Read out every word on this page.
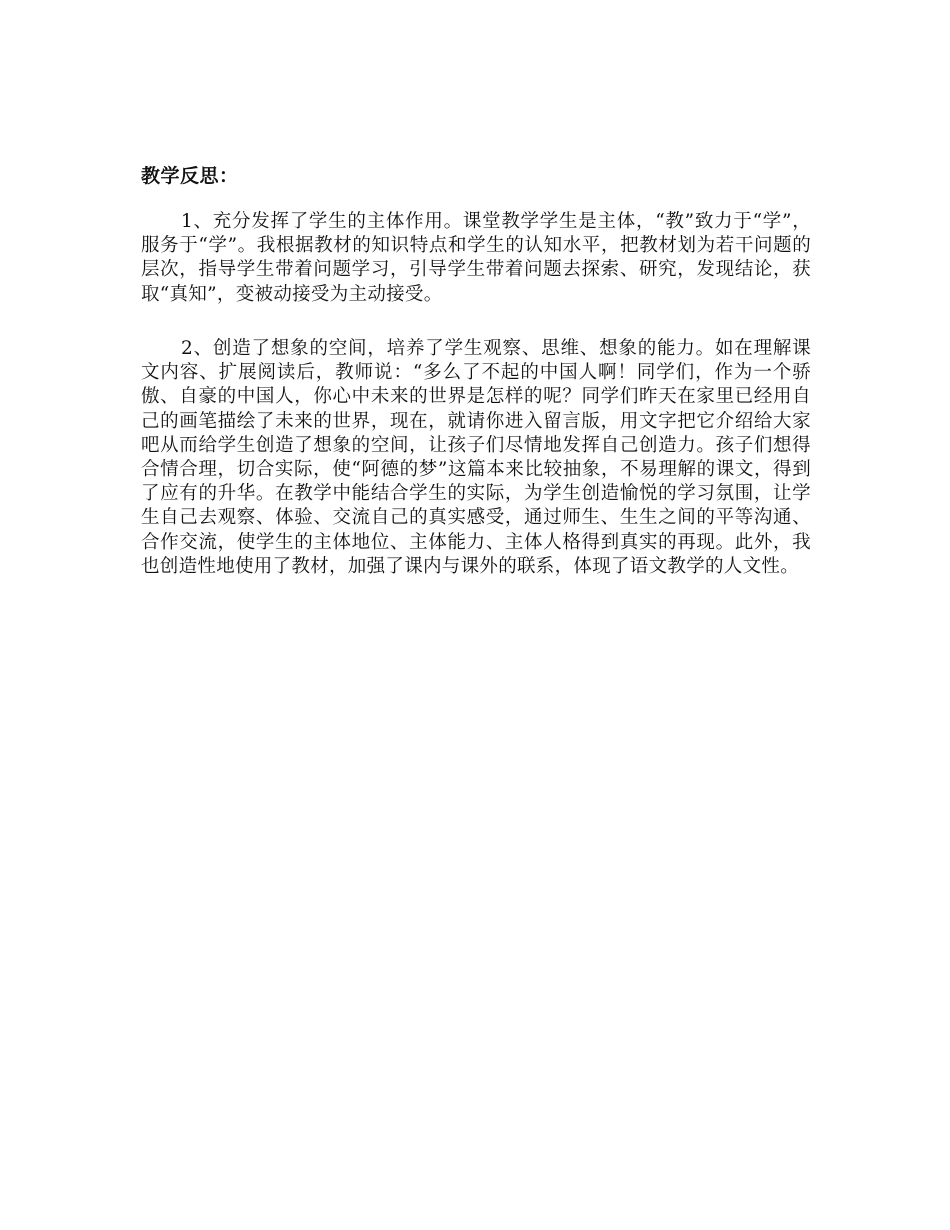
教学反思：

1、充分发挥了学生的主体作用。课堂教学学生是主体，“教”致力于“学”，服务于“学”。我根据教材的知识特点和学生的认知水平，把教材划为若干问题的层次，指导学生带着问题学习，引导学生带着问题去探索、研究，发现结论，获取“真知”，变被动接受为主动接受。

2、创造了想象的空间，培养了学生观察、思维、想象的能力。如在理解课文内容、扩展阅读后，教师说：“多么了不起的中国人啊！同学们，作为一个骄傲、自豪的中国人，你心中未来的世界是怎样的呢？同学们昨天在家里已经用自己的画笔描绘了未来的世界，现在，就请你进入留言版，用文字把它介绍给大家吧从而给学生创造了想象的空间，让孩子们尽情地发挥自己创造力。孩子们想得合情合理，切合实际，使“阿德的梦”这篇本来比较抽象，不易理解的课文，得到了应有的升华。在教学中能结合学生的实际，为学生创造愉悦的学习氛围，让学生自己去观察、体验、交流自己的真实感受，通过师生、生生之间的平等沟通、合作交流，使学生的主体地位、主体能力、主体人格得到真实的再现。此外，我也创造性地使用了教材，加强了课内与课外的联系，体现了语文教学的人文性。
